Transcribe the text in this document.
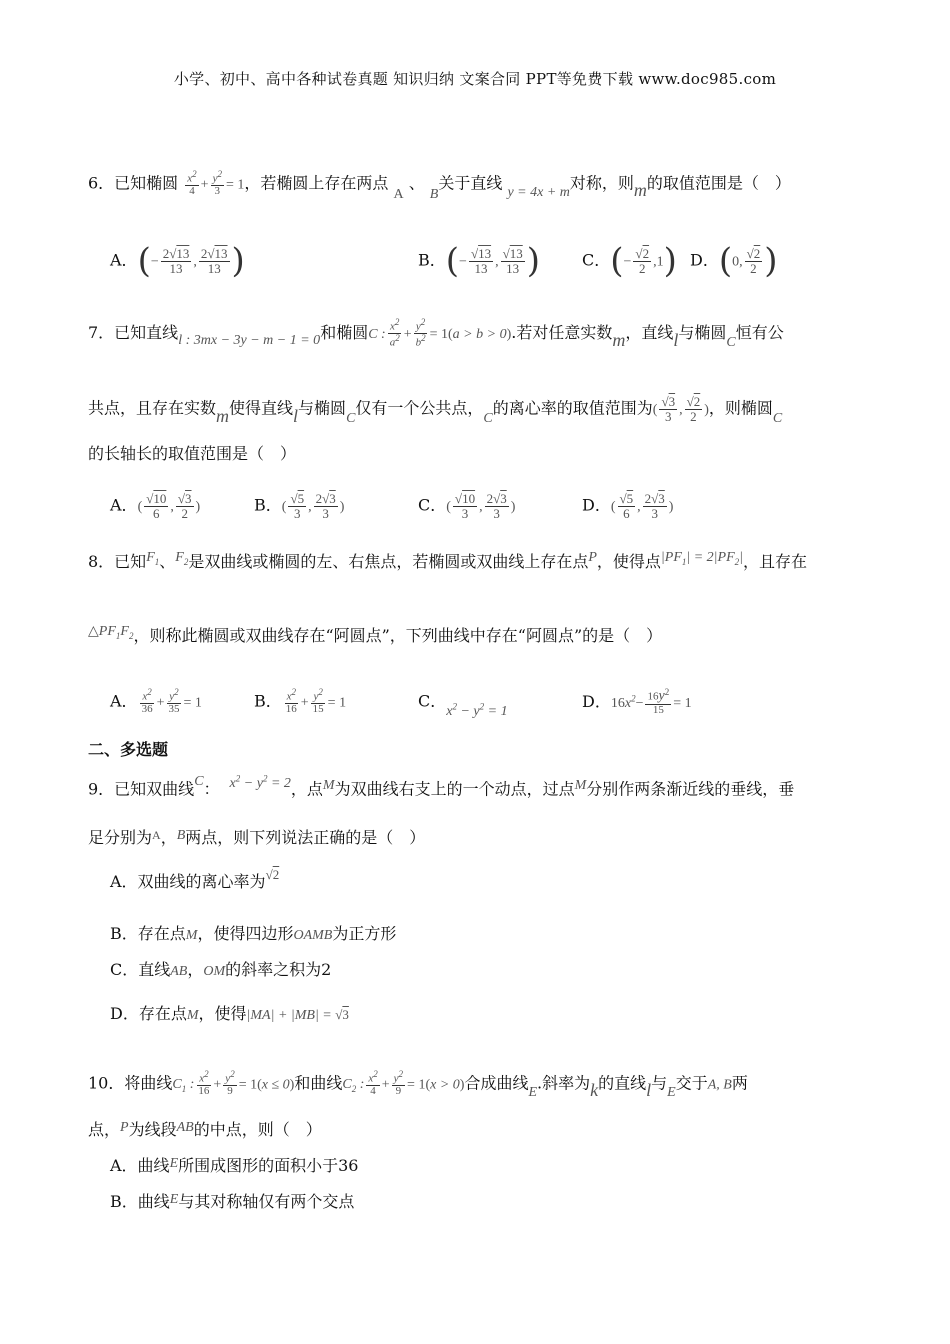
小学、初中、高中各种试卷真题 知识归纳 文案合同 PPT等免费下载 www.doc985.com
6．已知椭圆 $\frac{x^2}{4} + \frac{y^2}{3} = 1$，若椭圆上存在两点 A 、 B关于直线 y = 4x + m对称，则m的取值范围是（　）
A．(− $\frac{2 √ 13}{13}$ , $\frac{2 √ 13}{13}$ )	B．(− √ $\frac{13}{13}$ , √ $\frac{13}{13}$ )	C．(− √ $\frac{2}{2} ,1$) D．(0, √ $\frac{2}{2}$ )
7．已知直线l : 3mx − 3y − m − 1 = 0和椭圆C : $\frac{x^2}{a^2} + \frac{y^2}{b^2} = 1(a > b > 0)$.若对任意实数m，直线l与椭圆C恒有公
共点，且存在实数m使得直线l与椭圆C仅有一个公共点，C的离心率的取值范围为( √ $\frac{3}{3}$ , √ $\frac{2}{2}$ )，则椭圆C
的长轴长的取值范围是（　）
A．( √ $\frac{10}{6}$ , √ $\frac{3}{2}$ )	B．( √ $\frac{5}{3}$ , $\frac{2 √ 3}{3}$ )	C．( √ $\frac{10}{3}$ , $\frac{2 √ 3}{3}$ )	D．( √ $\frac{5}{6}$ , $\frac{2 √ 3}{3}$ )
8．已知$F_1$、$F_2$是双曲线或椭圆的左、右焦点，若椭圆或双曲线上存在点P，使得点$|PF_1| = 2|PF_2|$，且存在
$\triangle PF_1F_2$，则称此椭圆或双曲线存在“阿圆点”，下列曲线中存在“阿圆点”的是（　）
A． $\frac{x^2}{36} + \frac{y^2}{35} = 1$	B． $\frac{x^2}{16} + \frac{y^2}{15} = 1$	C．$x^2 - y^2 = 1$
D．$16x^2- \frac{16y^2}{15} = 1$
二、多选题
9．已知双曲线C： $x^2 - y^2 = 2$，点M为双曲线右支上的一个动点，过点M分别作两条渐近线的垂线，垂
足分别为$^A$，B两点，则下列说法正确的是（　）
A．双曲线的离心率为 √ 2
B．存在点M，使得四边形OAMB为正方形
C．直线AB，OM的斜率之积为2
D．存在点M，使得|MA| + |MB| = √ 3
10．将曲线$C_1$ : $\frac{x^2}{16} + \frac{y^2}{9} = 1(x \le 0)$和曲线$C_2$ : $\frac{x^2}{4} + \frac{y^2}{9} = 1(x > 0)$合成曲线E.斜率为k的直线l与E交于A, B两
点，P为线段AB的中点，则（　）
A．曲线E所围成图形的面积小于36
B．曲线E与其对称轴仅有两个交点
